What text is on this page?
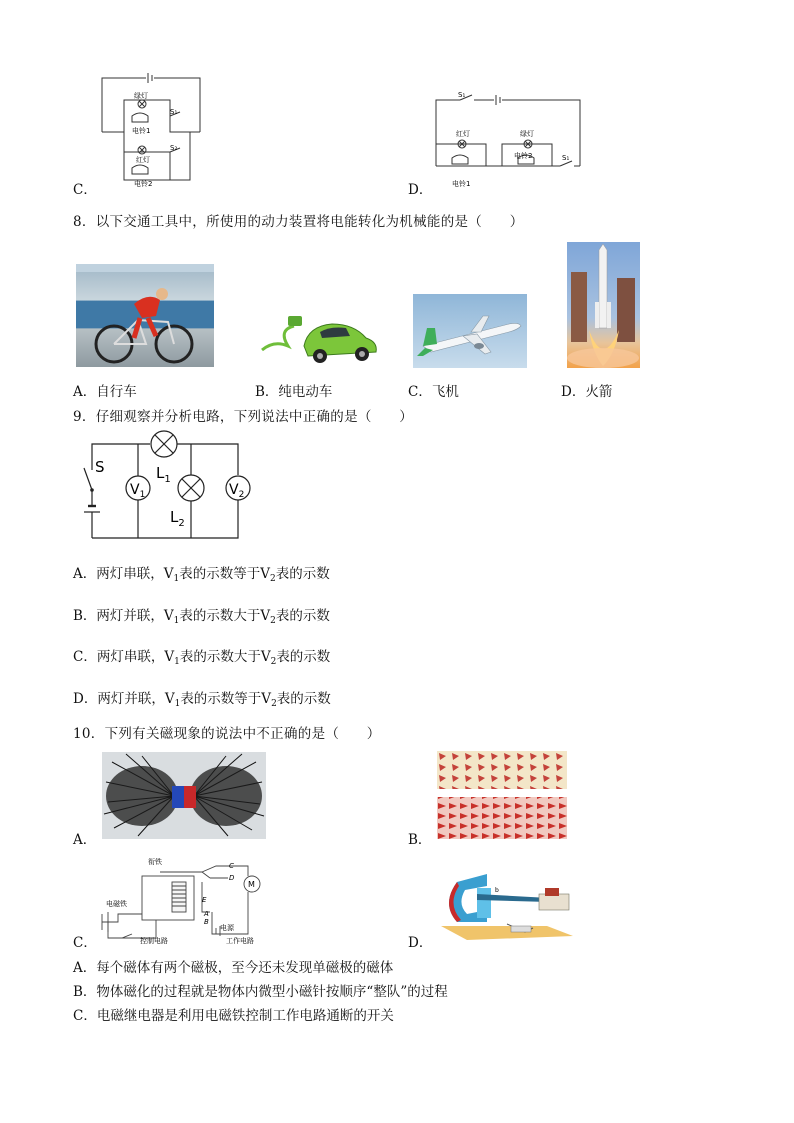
绿灯
电铃1
S₁
红灯
S₂
电铃2
C．
S₁
红灯	绿灯
电铃2	S₁
电铃1
D．
8．以下交通工具中，所使用的动力装置将电能转化为机械能的是（　　）
A．自行车	B．纯电动车	C．飞机	D．火箭
9．仔细观察并分析电路，下列说法中正确的是（　　）
S	$L_1$
$L_2$
$V_1$	$V_2$
A．两灯串联，$V_1$表的示数等于$V_2$表的示数
B．两灯并联，$V_1$表的示数大于$V_2$表的示数
C．两灯串联，$V_1$表的示数大于$V_2$表的示数
D．两灯并联，$V_1$表的示数等于$V_2$表的示数
10．下列有关磁现象的说法中不正确的是（　　）
A．	B．
C
D
E
A
B
M
衔铁
电磁铁
控制电路
电源
工作电路
C．
b
D．
A．每个磁体有两个磁极，至今还未发现单磁极的磁体
B．物体磁化的过程就是物体内微型小磁针按顺序“整队”的过程
C．电磁继电器是利用电磁铁控制工作电路通断的开关
